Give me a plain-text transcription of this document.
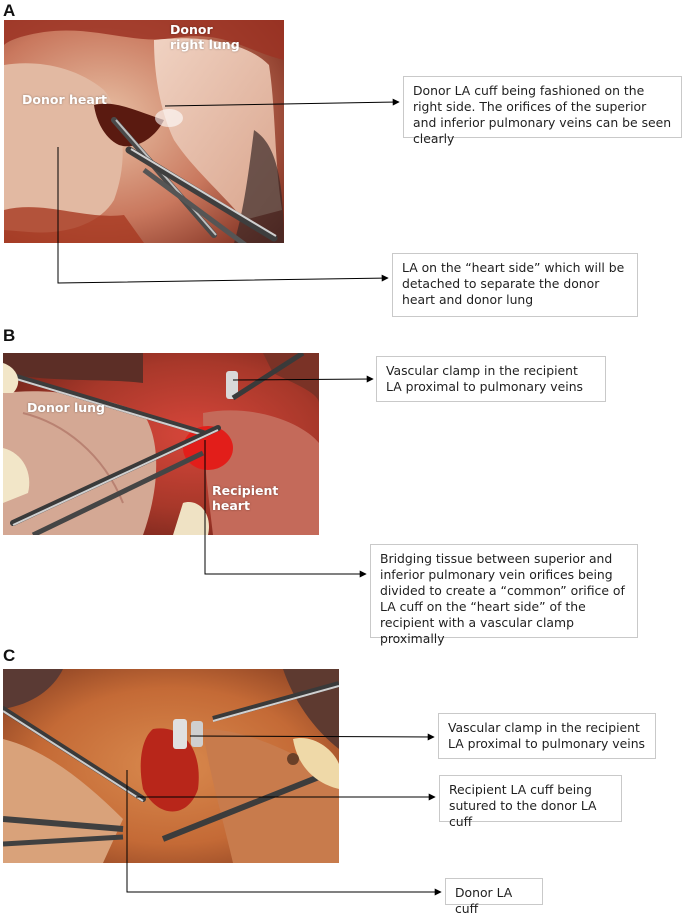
A
Donor
right lung
Donor heart
Donor LA cuff being fashioned on the right side. The orifices of the superior and inferior pulmonary veins can be seen clearly
LA on the “heart side” which will be detached to separate the donor heart and donor lung
B
Donor lung
Recipient heart
Vascular clamp in the recipient LA proximal to pulmonary veins
Bridging tissue between superior and inferior pulmonary vein orifices being divided to create a “common” orifice of LA cuff on the “heart side” of the recipient with a vascular clamp proximally
C
Vascular clamp in the recipient LA proximal to pulmonary veins
Recipient LA cuff being sutured to the donor LA cuff
Donor LA cuff
